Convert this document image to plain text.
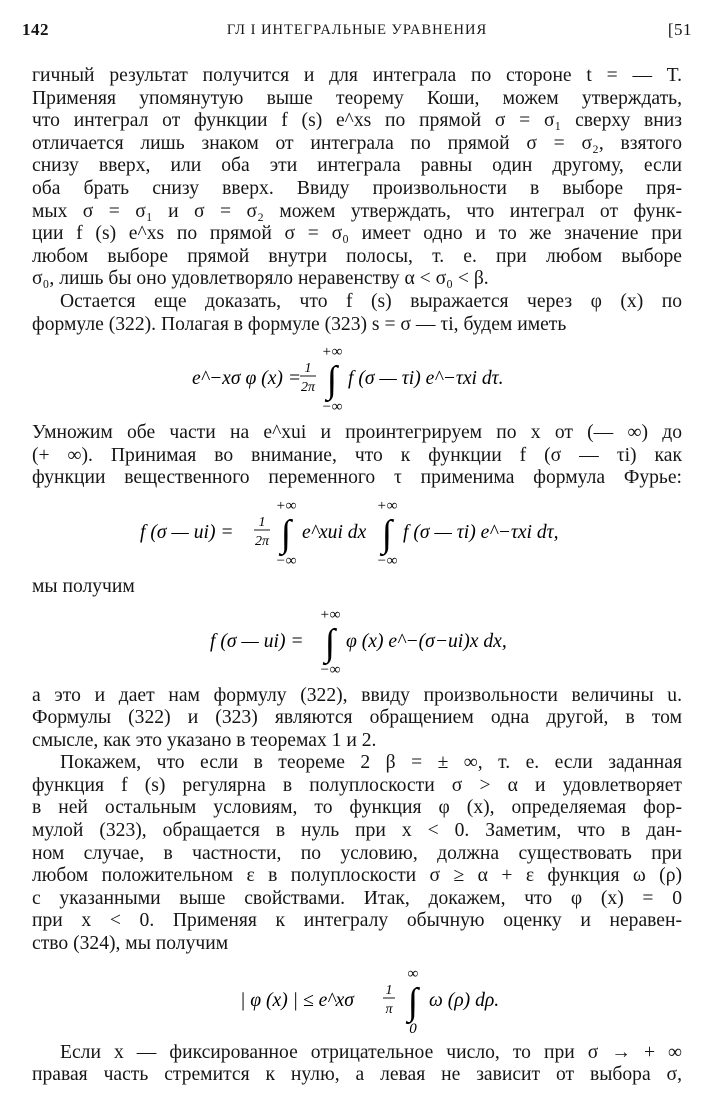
142	ГЛ I ИНТЕГРАЛЬНЫЕ УРАВНЕНИЯ	[51

гичный результат получится и для интеграла по стороне t = — T.

Применяя упомянутую выше теорему Коши, можем утверждать,

что интеграл от функции f (s) e^xs по прямой σ = σ₁ сверху вниз

отличается лишь знаком от интеграла по прямой σ = σ₂, взятого

снизу вверх, или оба эти интеграла равны один другому, если

оба брать снизу вверх. Ввиду произвольности в выборе пря-

мых σ = σ₁ и σ = σ₂ можем утверждать, что интеграл от функ-

ции f (s) e^xs по прямой σ = σ₀ имеет одно и то же значение при

любом выборе прямой внутри полосы, т. е. при любом выборе

σ₀, лишь бы оно удовлетворяло неравенству α < σ₀ < β.

Остается еще доказать, что f (s) выражается через φ (x) по

формуле (322). Полагая в формуле (323) s = σ — τi, будем иметь

e^−xσ φ (x) = 1
2π
+∞
∫
−∞
f (σ — τi) e^−τxi dτ.

Умножим обе части на e^xui и проинтегрируем по x от (— ∞) до

(+ ∞). Принимая во внимание, что к функции f (σ — τi) как

функции вещественного переменного τ применима формула Фурье:

f (σ — ui) = 1
2π
+∞
∫
−∞
e^xui dx
+∞
∫
−∞
f (σ — τi) e^−τxi dτ,

мы получим

f (σ — ui) =
+∞
∫
−∞
φ (x) e^−(σ−ui)x dx,

а это и дает нам формулу (322), ввиду произвольности величины u.

Формулы (322) и (323) являются обращением одна другой, в том

смысле, как это указано в теоремах 1 и 2.

Покажем, что если в теореме 2 β = ± ∞, т. е. если заданная

функция f (s) регулярна в полуплоскости σ > α и удовлетворяет

в ней остальным условиям, то функция φ (x), определяемая фор-

мулой (323), обращается в нуль при x < 0. Заметим, что в дан-

ном случае, в частности, по условию, должна существовать при

любом положительном ε в полуплоскости σ ≥ α + ε функция ω (ρ)

с указанными выше свойствами. Итак, докажем, что φ (x) = 0

при x < 0. Применяя к интегралу обычную оценку и неравен-

ство (324), мы получим

| φ (x) | ≤ e^xσ 1
π
∞
∫
0
ω (ρ) dρ.

Если x — фиксированное отрицательное число, то при σ → + ∞

правая часть стремится к нулю, а левая не зависит от выбора σ,
